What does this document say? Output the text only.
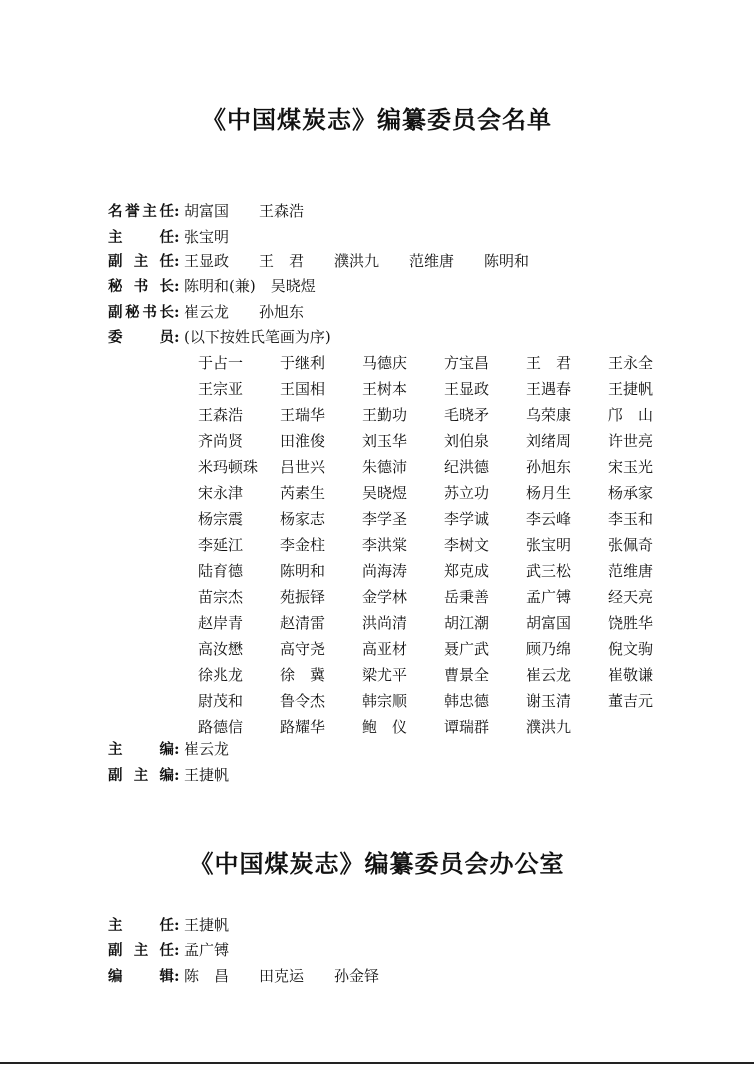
《中国煤炭志》编纂委员会名单
名誉主任: 胡富国　　王森浩
主任: 张宝明
副主任: 王显政　　王　君　　濮洪九　　范维唐　　陈明和
秘书长: 陈明和(兼)　吴晓煜
副秘书长: 崔云龙　　孙旭东
委员: (以下按姓氏笔画为序)
于占一	于继利	马德庆	方宝昌	王　君	王永全
王宗亚	王国相	王树本	王显政	王遇春	王捷帆
王森浩	王瑞华	王勤功	毛晓矛	乌荣康	邝　山
齐尚贤	田淮俊	刘玉华	刘伯泉	刘绪周	许世亮
米玛顿珠	吕世兴	朱德沛	纪洪德	孙旭东	宋玉光
宋永津	芮素生	吴晓煜	苏立功	杨月生	杨承家
杨宗震	杨家志	李学圣	李学诚	李云峰	李玉和
李延江	李金柱	李洪棠	李树文	张宝明	张佩奇
陆育德	陈明和	尚海涛	郑克成	武三松	范维唐
苗宗杰	苑振铎	金学林	岳秉善	孟广镈	经天亮
赵岸青	赵清雷	洪尚清	胡江潮	胡富国	饶胜华
高汝懋	高守尧	高亚材	聂广武	顾乃绵	倪文驹
徐兆龙	徐　冀	梁尤平	曹景全	崔云龙	崔敬谦
尉茂和	鲁令杰	韩宗顺	韩忠德	谢玉清	董吉元
路德信	路耀华	鲍　仪	谭瑞群	濮洪九
主编: 崔云龙
副主编: 王捷帆
《中国煤炭志》编纂委员会办公室
主任: 王捷帆
副主任: 孟广镈
编辑: 陈　昌　　田克运　　孙金铎
